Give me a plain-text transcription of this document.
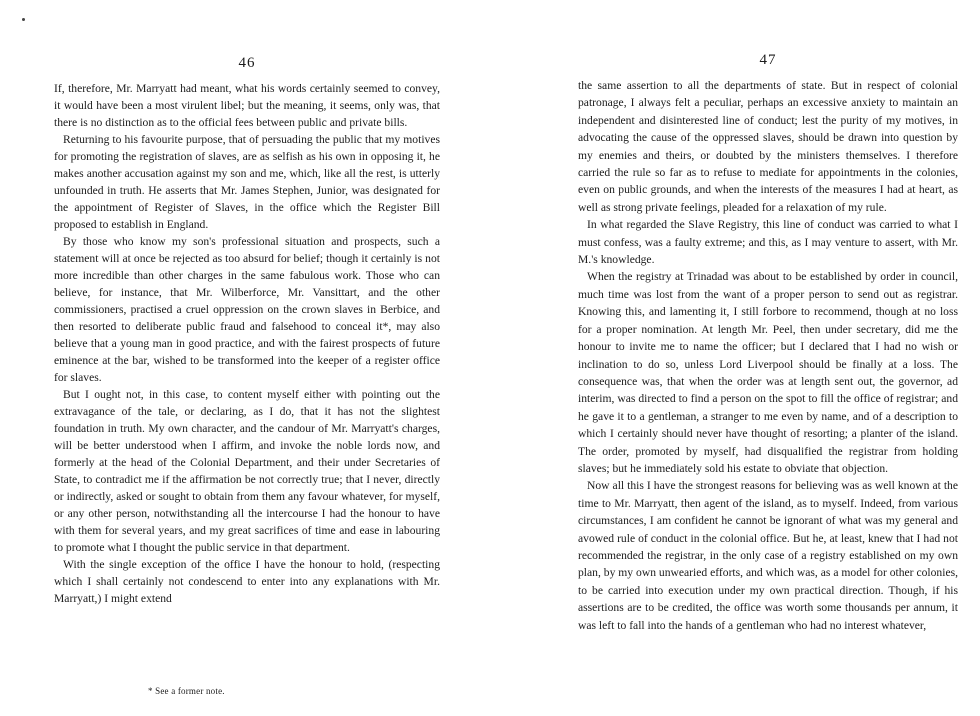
46

If, therefore, Mr. Marryatt had meant, what his words certainly seemed to convey, it would have been a most virulent libel; but the meaning, it seems, only was, that there is no distinction as to the official fees between public and private bills.

Returning to his favourite purpose, that of persuading the public that my motives for promoting the registration of slaves, are as selfish as his own in opposing it, he makes another accusation against my son and me, which, like all the rest, is utterly unfounded in truth. He asserts that Mr. James Stephen, Junior, was designated for the appointment of Register of Slaves, in the office which the Register Bill proposed to establish in England.

By those who know my son's professional situation and prospects, such a statement will at once be rejected as too absurd for belief; though it certainly is not more incredible than other charges in the same fabulous work. Those who can believe, for instance, that Mr. Wilberforce, Mr. Vansittart, and the other commissioners, practised a cruel oppression on the crown slaves in Berbice, and then resorted to deliberate public fraud and falsehood to conceal it*, may also believe that a young man in good practice, and with the fairest prospects of future eminence at the bar, wished to be transformed into the keeper of a register office for slaves.

But I ought not, in this case, to content myself either with pointing out the extravagance of the tale, or declaring, as I do, that it has not the slightest foundation in truth. My own character, and the candour of Mr. Marryatt's charges, will be better understood when I affirm, and invoke the noble lords now, and formerly at the head of the Colonial Department, and their under Secretaries of State, to contradict me if the affirmation be not correctly true; that I never, directly or indirectly, asked or sought to obtain from them any favour whatever, for myself, or any other person, notwithstanding all the intercourse I had the honour to have with them for several years, and my great sacrifices of time and ease in labouring to promote what I thought the public service in that department.

With the single exception of the office I have the honour to hold, (respecting which I shall certainly not condescend to enter into any explanations with Mr. Marryatt,) I might extend

* See a former note.
47

the same assertion to all the departments of state. But in respect of colonial patronage, I always felt a peculiar, perhaps an excessive anxiety to maintain an independent and disinterested line of conduct; lest the purity of my motives, in advocating the cause of the oppressed slaves, should be drawn into question by my enemies and theirs, or doubted by the ministers themselves. I therefore carried the rule so far as to refuse to mediate for appointments in the colonies, even on public grounds, and when the interests of the measures I had at heart, as well as strong private feelings, pleaded for a relaxation of my rule.

In what regarded the Slave Registry, this line of conduct was carried to what I must confess, was a faulty extreme; and this, as I may venture to assert, with Mr. M.'s knowledge.

When the registry at Trinadad was about to be established by order in council, much time was lost from the want of a proper person to send out as registrar. Knowing this, and lamenting it, I still forbore to recommend, though at no loss for a proper nomination. At length Mr. Peel, then under secretary, did me the honour to invite me to name the officer; but I declared that I had no wish or inclination to do so, unless Lord Liverpool should be finally at a loss. The consequence was, that when the order was at length sent out, the governor, ad interim, was directed to find a person on the spot to fill the office of registrar; and he gave it to a gentleman, a stranger to me even by name, and of a description to which I certainly should never have thought of resorting; a planter of the island. The order, promoted by myself, had disqualified the registrar from holding slaves; but he immediately sold his estate to obviate that objection.

Now all this I have the strongest reasons for believing was as well known at the time to Mr. Marryatt, then agent of the island, as to myself. Indeed, from various circumstances, I am confident he cannot be ignorant of what was my general and avowed rule of conduct in the colonial office. But he, at least, knew that I had not recommended the registrar, in the only case of a registry established on my own plan, by my own unwearied efforts, and which was, as a model for other colonies, to be carried into execution under my own practical direction. Though, if his assertions are to be credited, the office was worth some thousands per annum, it was left to fall into the hands of a gentleman who had no interest whatever,
